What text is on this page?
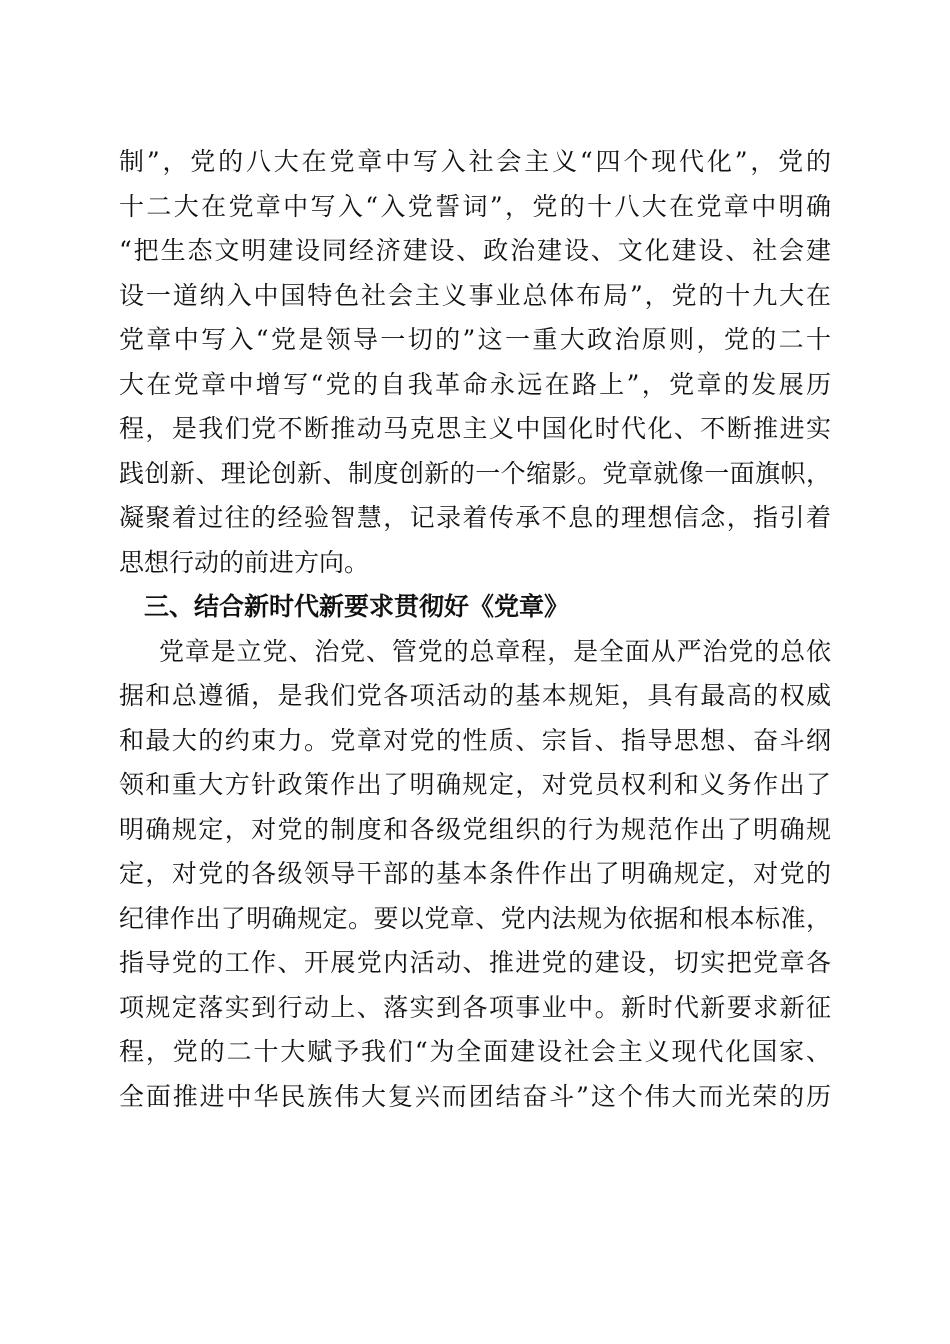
制”，党的八大在党章中写入社会主义“四个现代化”，党的
十二大在党章中写入“入党誓词”，党的十八大在党章中明确
“把生态文明建设同经济建设、政治建设、文化建设、社会建
设一道纳入中国特色社会主义事业总体布局”，党的十九大在
党章中写入“党是领导一切的”这一重大政治原则，党的二十
大在党章中增写“党的自我革命永远在路上”，党章的发展历
程，是我们党不断推动马克思主义中国化时代化、不断推进实
践创新、理论创新、制度创新的一个缩影。党章就像一面旗帜，
凝聚着过往的经验智慧，记录着传承不息的理想信念，指引着
思想行动的前进方向。
三、结合新时代新要求贯彻好《党章》
党章是立党、治党、管党的总章程，是全面从严治党的总依
据和总遵循，是我们党各项活动的基本规矩，具有最高的权威
和最大的约束力。党章对党的性质、宗旨、指导思想、奋斗纲
领和重大方针政策作出了明确规定，对党员权利和义务作出了
明确规定，对党的制度和各级党组织的行为规范作出了明确规
定，对党的各级领导干部的基本条件作出了明确规定，对党的
纪律作出了明确规定。要以党章、党内法规为依据和根本标准，
指导党的工作、开展党内活动、推进党的建设，切实把党章各
项规定落实到行动上、落实到各项事业中。新时代新要求新征
程，党的二十大赋予我们“为全面建设社会主义现代化国家、
全面推进中华民族伟大复兴而团结奋斗”这个伟大而光荣的历
